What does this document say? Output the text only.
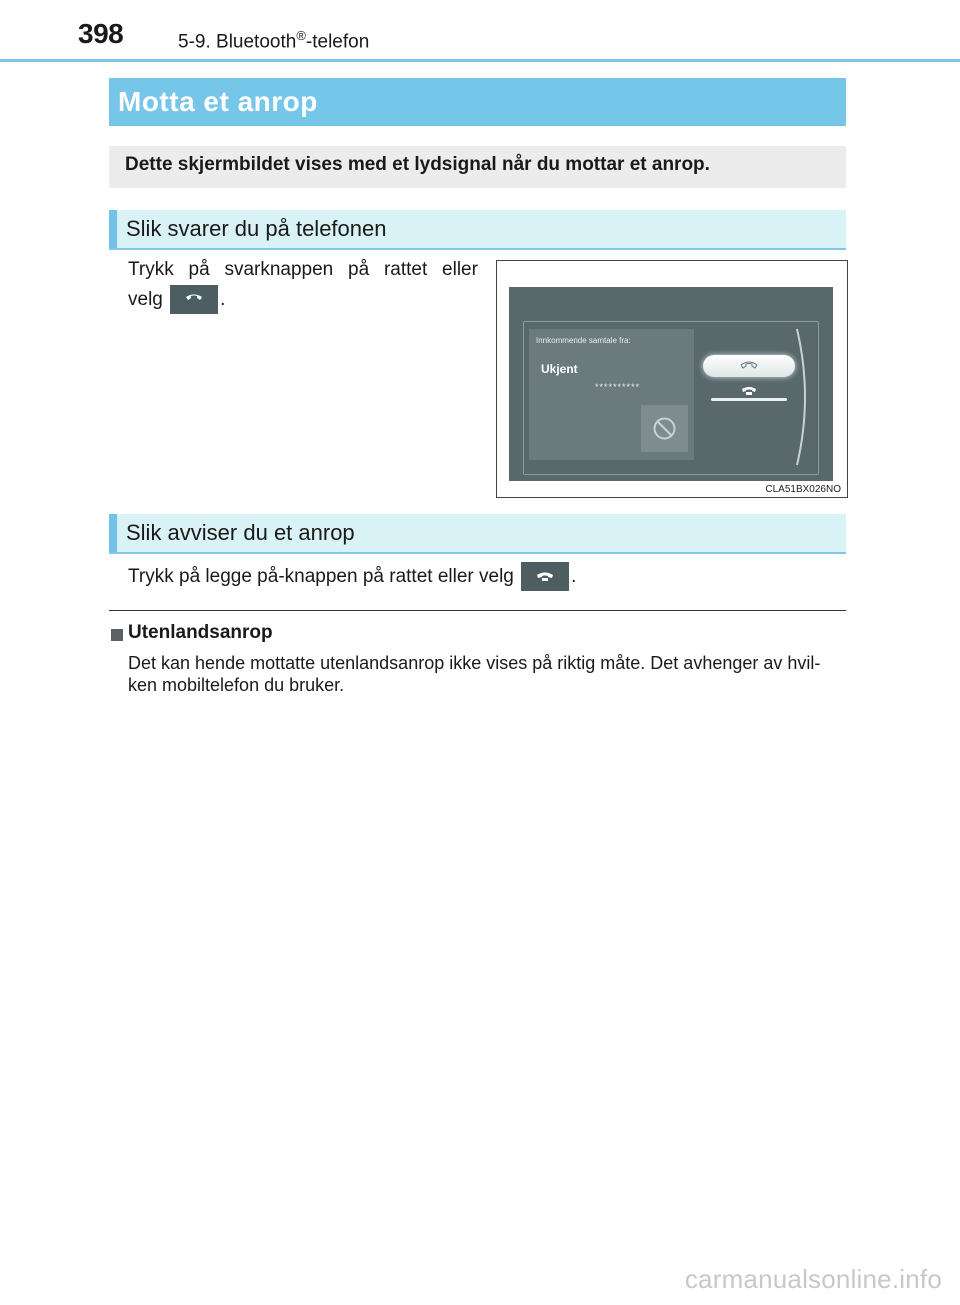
398	5-9. Bluetooth®-telefon
Motta et anrop
Dette skjermbildet vises med et lydsignal når du mottar et anrop.
Slik svarer du på telefonen
Trykk på svarknappen på rattet eller
velg	.
Innkommende samtale fra:
Ukjent
**********
CLA51BX026NO
Slik avviser du et anrop
Trykk på legge på-knappen på rattet eller velg	.
Utenlandsanrop
Det kan hende mottatte utenlandsanrop ikke vises på riktig måte. Det avhenger av hvil-
ken mobiltelefon du bruker.
carmanualsonline.info
